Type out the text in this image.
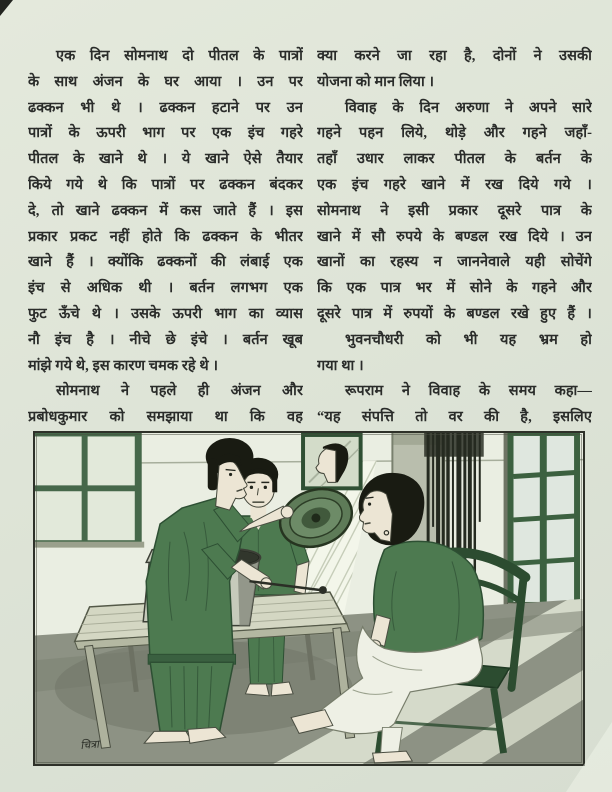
एक दिन सोमनाथ दो पीतल के पात्रों
के साथ अंजन के घर आया । उन पर
ढक्कन भी थे । ढक्कन हटाने पर उन
पात्रों के ऊपरी भाग पर एक इंच गहरे
पीतल के खाने थे । ये खाने ऐसे तैयार
किये गये थे कि पात्रों पर ढक्कन बंदकर
दे, तो खाने ढक्कन में कस जाते हैं । इस
प्रकार प्रकट नहीं होते कि ढक्कन के भीतर
खाने हैं । क्योंकि ढक्कनों की लंबाई एक
इंच से अधिक थी । बर्तन लगभग एक
फुट ऊँचे थे । उसके ऊपरी भाग का व्यास
नौ इंच है । नीचे छे इंचे । बर्तन खूब
मांझे गये थे, इस कारण चमक रहे थे ।
सोमनाथ ने पहले ही अंजन और
प्रबोधकुमार को समझाया था कि वह
क्या करने जा रहा है, दोनों ने उसकी
योजना को मान लिया ।
विवाह के दिन अरुणा ने अपने सारे
गहने पहन लिये, थोड़े और गहने जहाँ-
तहाँ उधार लाकर पीतल के बर्तन के
एक इंच गहरे खाने में रख दिये गये ।
सोमनाथ ने इसी प्रकार दूसरे पात्र के
खाने में सौ रुपये के बण्डल रख दिये । उन
खानों का रहस्य न जाननेवाले यही सोचेंगे
कि एक पात्र भर में सोने के गहने और
दूसरे पात्र में रुपयों के बण्डल रखे हुए हैं ।
भुवनचौधरी को भी यह भ्रम हो
गया था ।
रूपराम ने विवाह के समय कहा—
“यह संपत्ति तो वर की है, इसलिए
चित्रा
